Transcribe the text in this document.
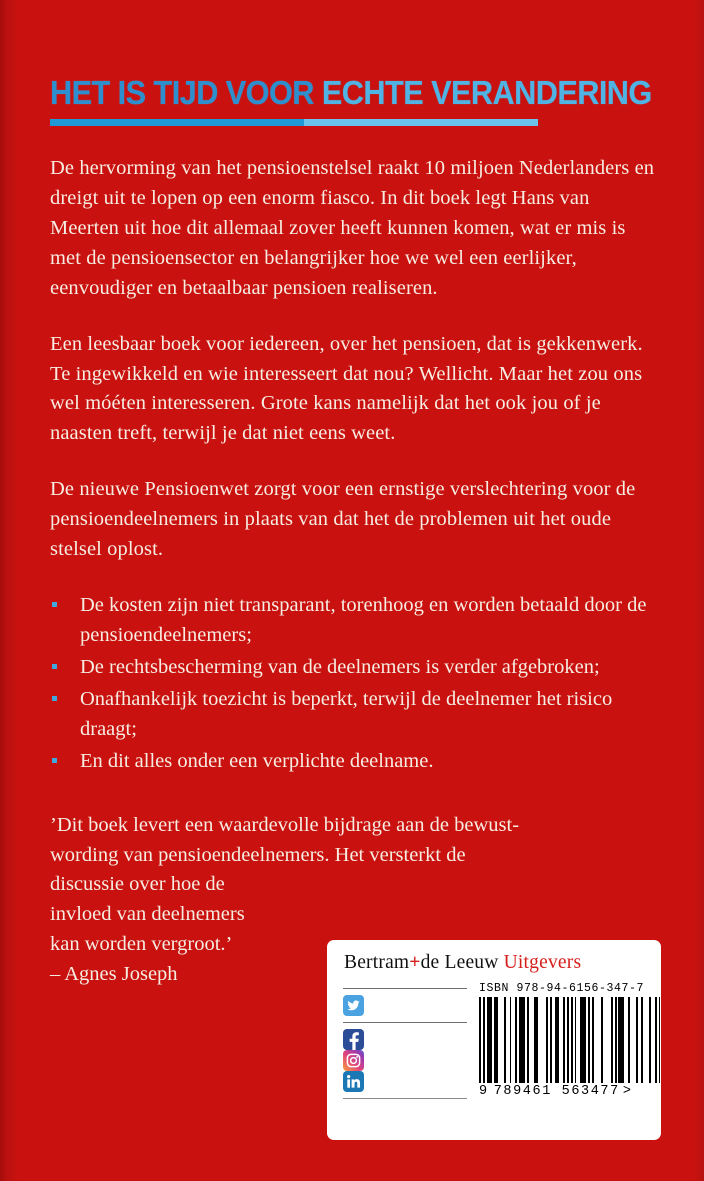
HET IS TIJD VOOR ECHTE VERANDERING

De hervorming van het pensioenstelsel raakt 10 miljoen Nederlanders en dreigt uit te lopen op een enorm fiasco. In dit boek legt Hans van Meerten uit hoe dit allemaal zover heeft kunnen komen, wat er mis is met de pensioensector en belangrijker hoe we wel een eerlijker, eenvoudiger en betaalbaar pensioen realiseren.

Een leesbaar boek voor iedereen, over het pensioen, dat is gekkenwerk. Te ingewikkeld en wie interesseert dat nou? Wellicht. Maar het zou ons wel móéten interesseren. Grote kans namelijk dat het ook jou of je naasten treft, terwijl je dat niet eens weet.

De nieuwe Pensioenwet zorgt voor een ernstige verslechtering voor de pensioendeelnemers in plaats van dat het de problemen uit het oude stelsel oplost.

De kosten zijn niet transparant, torenhoog en worden betaald door de pensioendeelnemers;
De rechtsbescherming van de deelnemers is verder afgebroken;
Onafhankelijk toezicht is beperkt, terwijl de deelnemer het risico draagt;
En dit alles onder een verplichte deelname.
’Dit boek levert een waardevolle bijdrage aan de bewust-
wording van pensioendeelnemers. Het versterkt de
discussie over hoe de
invloed van deelnemers
kan worden vergroot.’
– Agnes Joseph
Bertram+de Leeuw Uitgevers
ISBN 978-94-6156-347-7
9 789461 563477 >
